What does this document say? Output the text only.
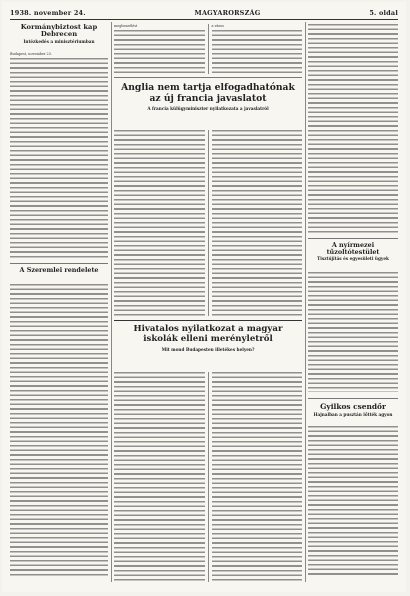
1938. november 24.	MAGYARORSZÁG	5. oldal
Kormánybiztost kap Debrecen
Intézkedés a minisztériumban
Budapest, november 23.
A Szeremlei rendelete
megbeszélést	a város
Anglia nem tartja elfogadhatónak az új francia javaslatot
A francia külügyminiszter nyilatkozata a javaslatról
Hivatalos nyilatkozat a magyar iskolák elleni merényletről
Mit mond Budapesten illetékes helyen?
A nyírmezei tűzoltótestület
Tisztújítás és egyesületi ügyek
Gyilkos csendőr
Hajnalban a pusztán lőtték agyon
